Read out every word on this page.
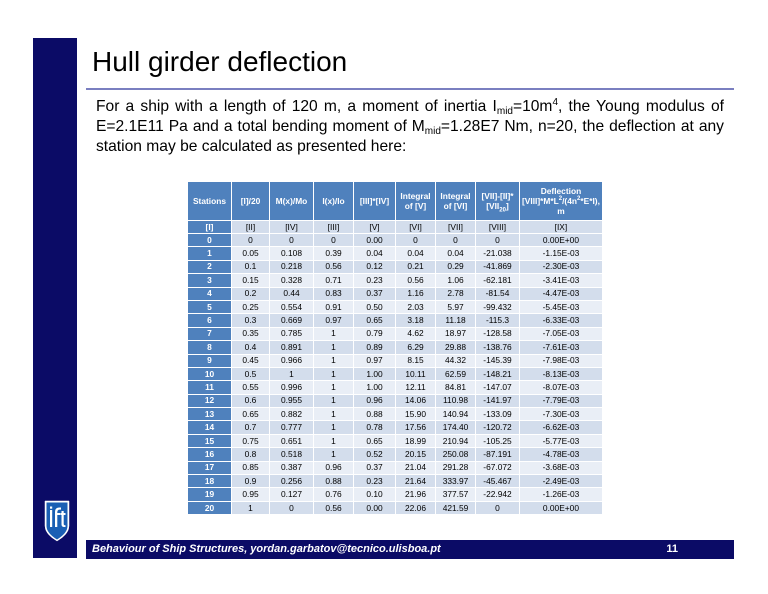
Hull girder deflection
For a ship with a length of 120 m, a moment of inertia $I_{mid}=10m^4$, the Young modulus of E=2.1E11 Pa and a total bending moment of $M_{mid}=1.28E7$ Nm, n=20, the deflection at any station may be calculated as presented here:
Stations	[I]/20	M(x)/Mo	I(x)/Io	[III]*[IV]	Integral of [V]	Integral of [VI]	$[VII]-[II]*[VII_{20}]$	Deflection $[VIII]*M*L^2/(4n^2*E*I)$, m
[I]	[II]	[IV]	[III]	[V]	[VI]	[VII]	[VIII]	[IX]
0	0	0	0	0.00	0	0	0	0.00E+00
1	0.05	0.108	0.39	0.04	0.04	0.04	-21.038	-1.15E-03
2	0.1	0.218	0.56	0.12	0.21	0.29	-41.869	-2.30E-03
3	0.15	0.328	0.71	0.23	0.56	1.06	-62.181	-3.41E-03
4	0.2	0.44	0.83	0.37	1.16	2.78	-81.54	-4.47E-03
5	0.25	0.554	0.91	0.50	2.03	5.97	-99.432	-5.45E-03
6	0.3	0.669	0.97	0.65	3.18	11.18	-115.3	-6.33E-03
7	0.35	0.785	1	0.79	4.62	18.97	-128.58	-7.05E-03
8	0.4	0.891	1	0.89	6.29	29.88	-138.76	-7.61E-03
9	0.45	0.966	1	0.97	8.15	44.32	-145.39	-7.98E-03
10	0.5	1	1	1.00	10.11	62.59	-148.21	-8.13E-03
11	0.55	0.996	1	1.00	12.11	84.81	-147.07	-8.07E-03
12	0.6	0.955	1	0.96	14.06	110.98	-141.97	-7.79E-03
13	0.65	0.882	1	0.88	15.90	140.94	-133.09	-7.30E-03
14	0.7	0.777	1	0.78	17.56	174.40	-120.72	-6.62E-03
15	0.75	0.651	1	0.65	18.99	210.94	-105.25	-5.77E-03
16	0.8	0.518	1	0.52	20.15	250.08	-87.191	-4.78E-03
17	0.85	0.387	0.96	0.37	21.04	291.28	-67.072	-3.68E-03
18	0.9	0.256	0.88	0.23	21.64	333.97	-45.467	-2.49E-03
19	0.95	0.127	0.76	0.10	21.96	377.57	-22.942	-1.26E-03
20	1	0	0.56	0.00	22.06	421.59	0	0.00E+00
Behaviour of Ship Structures, yordan.garbatov@tecnico.ulisboa.pt	11
